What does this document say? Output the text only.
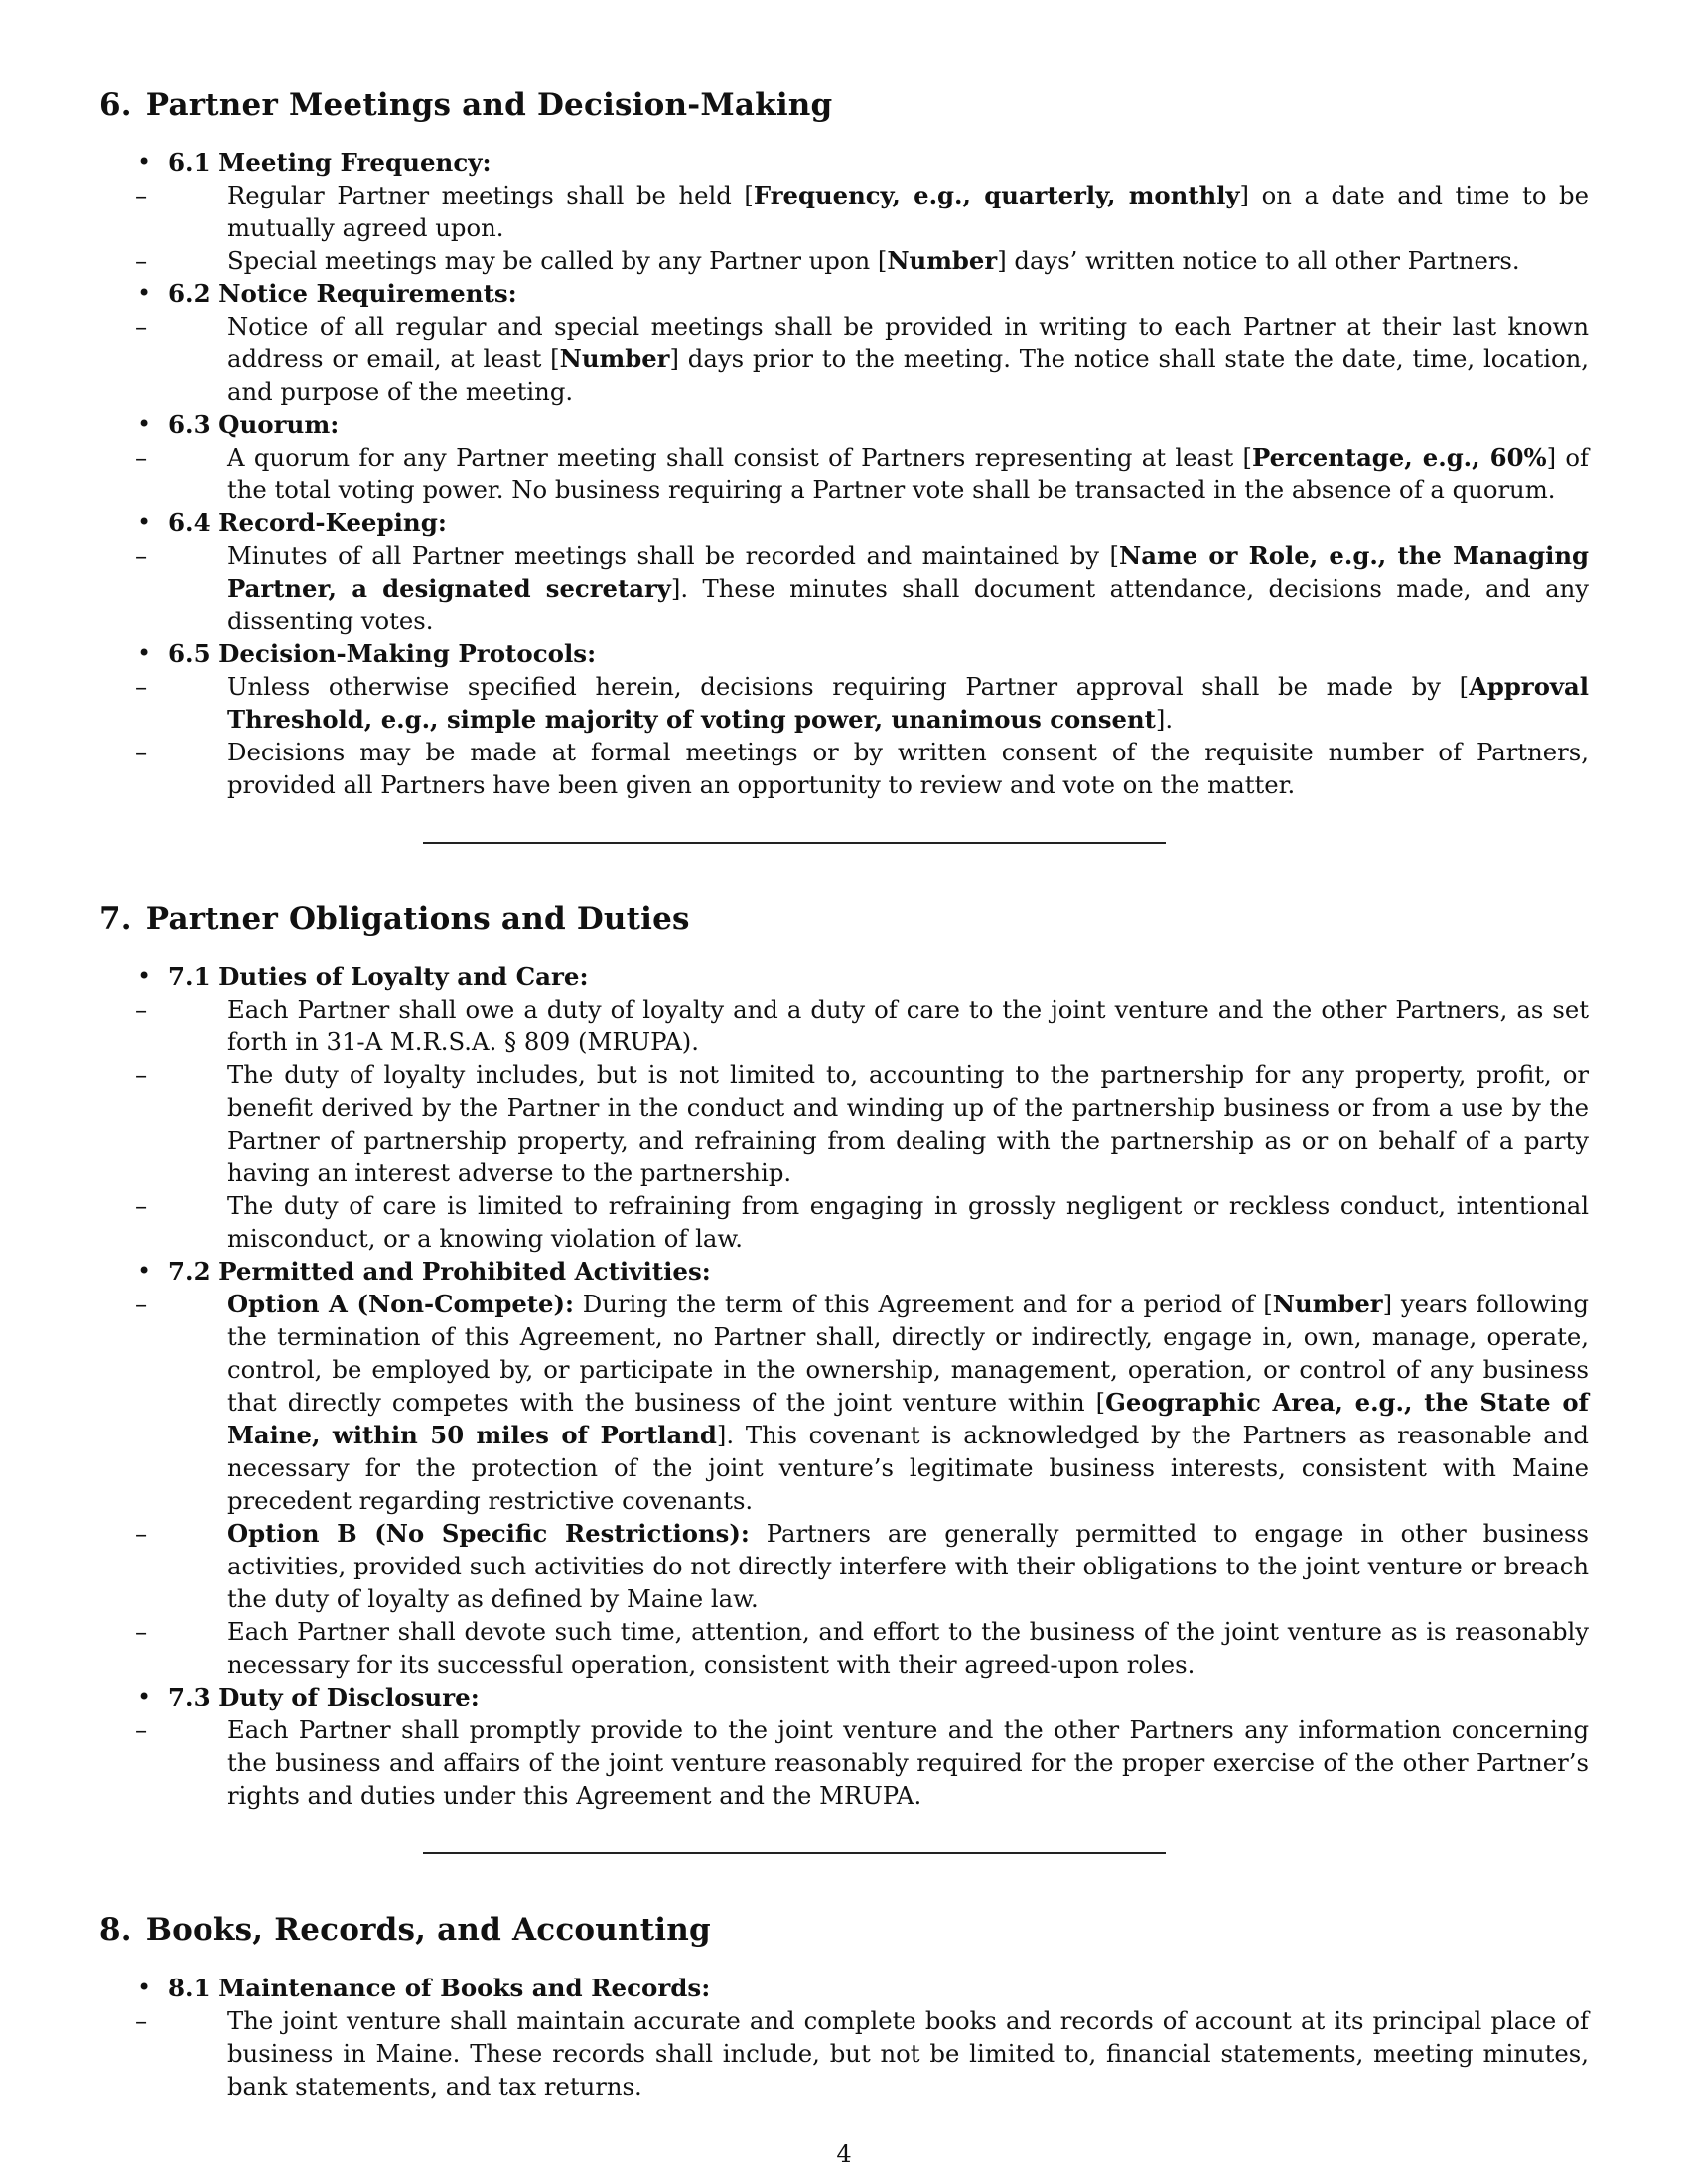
6. Partner Meetings and Decision-Making
• 6.1 Meeting Frequency:
–	Regular Partner meetings shall be held [Frequency, e.g., quarterly, monthly] on a date and time to be mutually agreed upon.
–	Special meetings may be called by any Partner upon [Number] days’ written notice to all other Partners.
• 6.2 Notice Requirements:
–	Notice of all regular and special meetings shall be provided in writing to each Partner at their last known address or email, at least [Number] days prior to the meeting. The notice shall state the date, time, location, and purpose of the meeting.
• 6.3 Quorum:
–	A quorum for any Partner meeting shall consist of Partners representing at least [Percentage, e.g., 60%] of the total voting power. No business requiring a Partner vote shall be transacted in the absence of a quorum.
• 6.4 Record-Keeping:
–	Minutes of all Partner meetings shall be recorded and maintained by [Name or Role, e.g., the Managing Partner, a designated secretary]. These minutes shall document attendance, decisions made, and any dissenting votes.
• 6.5 Decision-Making Protocols:
–	Unless otherwise specified herein, decisions requiring Partner approval shall be made by [Approval Threshold, e.g., simple majority of voting power, unanimous consent].
–	Decisions may be made at formal meetings or by written consent of the requisite number of Partners, provided all Partners have been given an opportunity to review and vote on the matter.
7. Partner Obligations and Duties
• 7.1 Duties of Loyalty and Care:
–	Each Partner shall owe a duty of loyalty and a duty of care to the joint venture and the other Partners, as set forth in 31-A M.R.S.A. § 809 (MRUPA).
–	The duty of loyalty includes, but is not limited to, accounting to the partnership for any property, profit, or benefit derived by the Partner in the conduct and winding up of the partnership business or from a use by the Partner of partnership property, and refraining from dealing with the partnership as or on behalf of a party having an interest adverse to the partnership.
–	The duty of care is limited to refraining from engaging in grossly negligent or reckless conduct, intentional misconduct, or a knowing violation of law.
• 7.2 Permitted and Prohibited Activities:
–	Option A (Non-Compete): During the term of this Agreement and for a period of [Number] years following the termination of this Agreement, no Partner shall, directly or indirectly, engage in, own, manage, operate, control, be employed by, or participate in the ownership, management, operation, or control of any business that directly competes with the business of the joint venture within [Geographic Area, e.g., the State of Maine, within 50 miles of Portland]. This covenant is acknowledged by the Partners as reasonable and necessary for the protection of the joint venture’s legitimate business interests, consistent with Maine precedent regarding restrictive covenants.
–	Option B (No Specific Restrictions): Partners are generally permitted to engage in other business activities, provided such activities do not directly interfere with their obligations to the joint venture or breach the duty of loyalty as defined by Maine law.
–	Each Partner shall devote such time, attention, and effort to the business of the joint venture as is reasonably necessary for its successful operation, consistent with their agreed-upon roles.
• 7.3 Duty of Disclosure:
–	Each Partner shall promptly provide to the joint venture and the other Partners any information concerning the business and affairs of the joint venture reasonably required for the proper exercise of the other Partner’s rights and duties under this Agreement and the MRUPA.
8. Books, Records, and Accounting
• 8.1 Maintenance of Books and Records:
–	The joint venture shall maintain accurate and complete books and records of account at its principal place of business in Maine. These records shall include, but not be limited to, financial statements, meeting minutes, bank statements, and tax returns.
4
